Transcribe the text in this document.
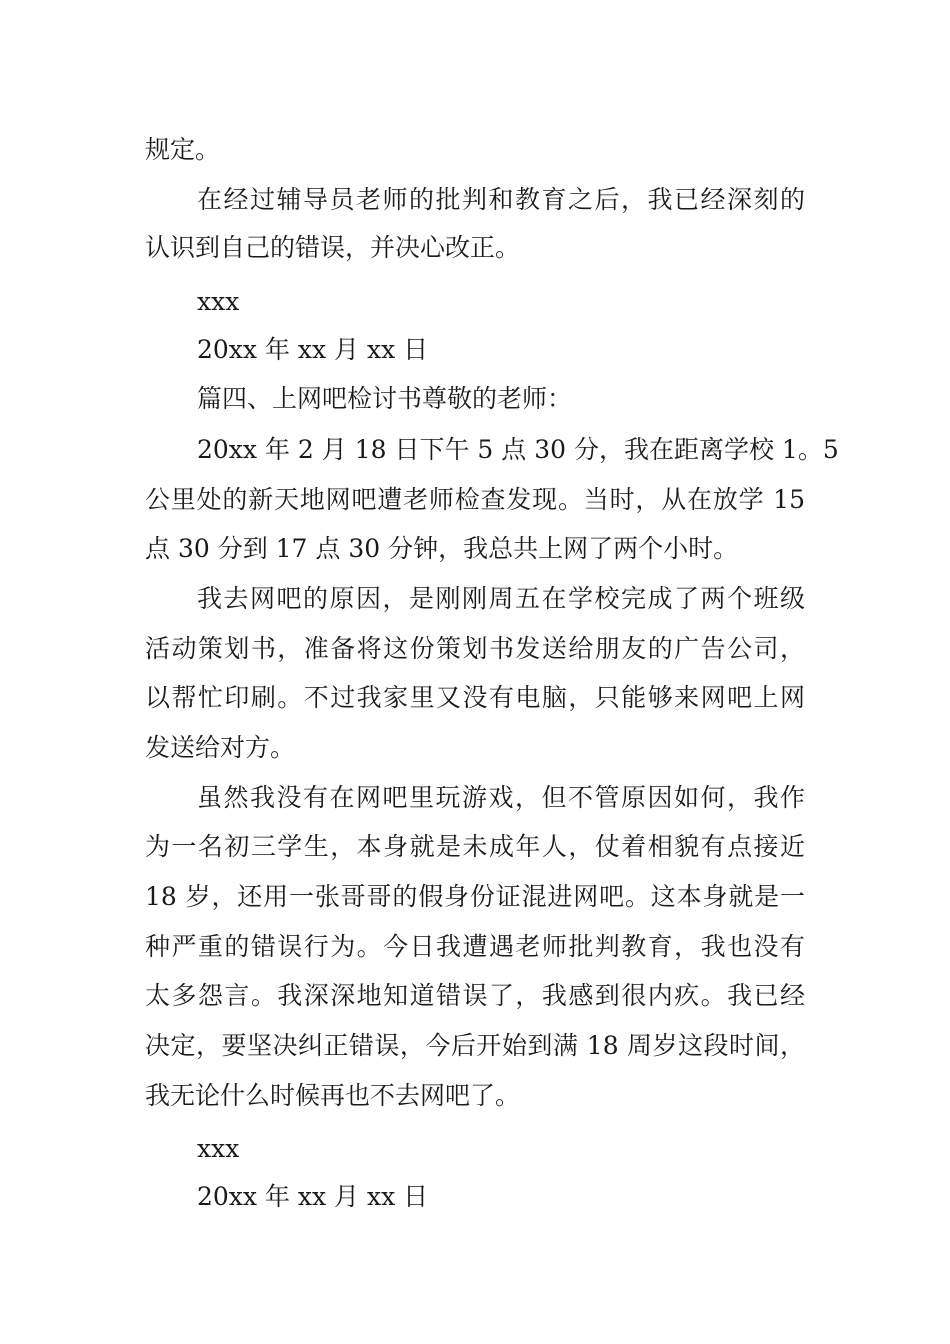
规定。
在经过辅导员老师的批判和教育之后，我已经深刻的
认识到自己的错误，并决心改正。
xxx
20xx 年 xx 月 xx 日
篇四、上网吧检讨书尊敬的老师：
20xx 年 2 月 18 日下午 5 点 30 分，我在距离学校 1。5
公里处的新天地网吧遭老师检查发现。当时，从在放学 15
点 30 分到 17 点 30 分钟，我总共上网了两个小时。
我去网吧的原因，是刚刚周五在学校完成了两个班级
活动策划书，准备将这份策划书发送给朋友的广告公司，
以帮忙印刷。不过我家里又没有电脑，只能够来网吧上网
发送给对方。
虽然我没有在网吧里玩游戏，但不管原因如何，我作
为一名初三学生，本身就是未成年人，仗着相貌有点接近
18 岁，还用一张哥哥的假身份证混进网吧。这本身就是一
种严重的错误行为。今日我遭遇老师批判教育，我也没有
太多怨言。我深深地知道错误了，我感到很内疚。我已经
决定，要坚决纠正错误，今后开始到满 18 周岁这段时间，
我无论什么时候再也不去网吧了。
xxx
20xx 年 xx 月 xx 日
